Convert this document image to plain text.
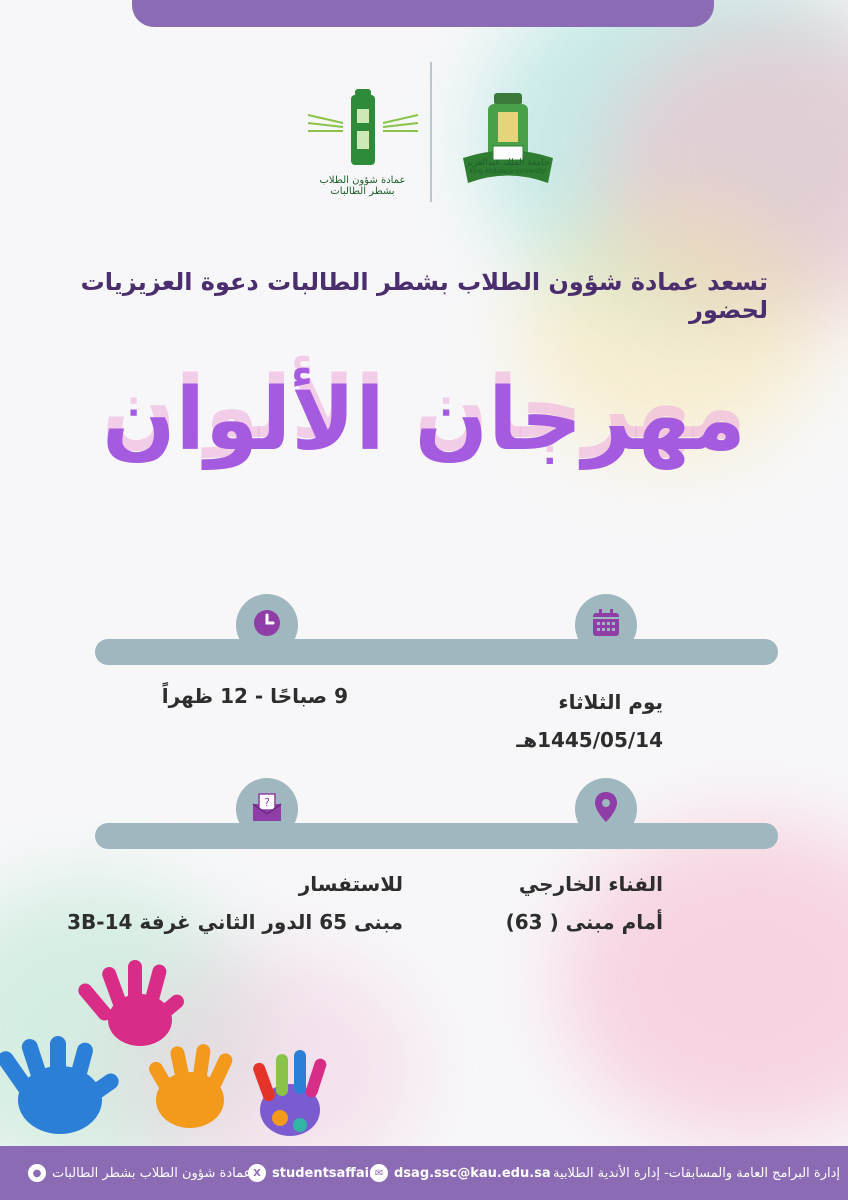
عمادة شؤون الطلاب
بشطر الطالبات
جامعة الملك عبدالعزيز
King Abdulaziz University
تسعد عمادة شؤون الطلاب بشطر الطالبات دعوة العزيزيات لحضور
مهرجان الألوان
يوم الثلاثاء
1445/05/14هـ
9 صباحًا - 12 ظهراً
?
الفناء الخارجي
أمام مبنى ( 63)
للاستفسار
مبنى 65 الدور الثاني غرفة 14-3B
إدارة البرامج العامة والمسابقات- إدارة الأندية الطلابية
✉ dsag.ssc@kau.edu.sa
X studentsaffair
● عمادة شؤون الطلاب بشطر الطالبات
